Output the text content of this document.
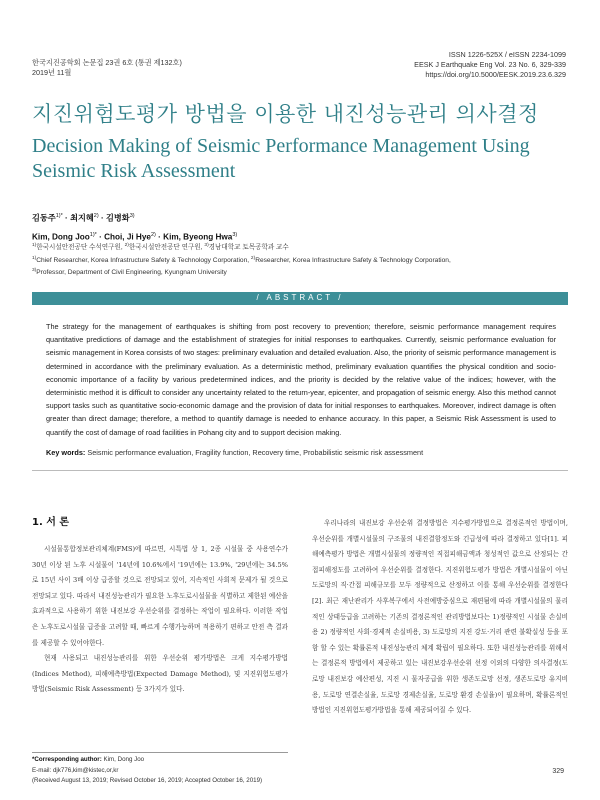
한국지진공학회 논문집 23권 6호 (통권 제132호)
2019년 11월
ISSN 1226-525X / eISSN 2234-1099
EESK J Earthquake Eng Vol. 23 No. 6, 329-339
https://doi.org/10.5000/EESK.2019.23.6.329
지진위험도평가 방법을 이용한 내진성능관리 의사결정
Decision Making of Seismic Performance Management Using Seismic Risk Assessment
김동주$^{1)*}$ · 최지혜$^{2)}$ · 김병화$^{3)}$
Kim, Dong Joo$^{1)*}$ · Choi, Ji Hye$^{2)}$ · Kim, Byeong Hwa$^{3)}$
$^{1)}$한국시설안전공단 수석연구원, $^{2)}$한국시설안전공단 연구원, $^{3)}$경남대학교 토목공학과 교수
$^{1)}$Chief Researcher, Korea Infrastructure Safety & Technology Corporation, $^{2)}$Researcher, Korea Infrastructure Safety & Technology Corporation,
$^{3)}$Professor, Department of Civil Engineering, Kyungnam University
/ ABSTRACT /
The strategy for the management of earthquakes is shifting from post recovery to prevention; therefore, seismic performance management requires quantitative predictions of damage and the establishment of strategies for initial responses to earthquakes. Currently, seismic performance evaluation for seismic management in Korea consists of two stages: preliminary evaluation and detailed evaluation. Also, the priority of seismic performance management is determined in accordance with the preliminary evaluation. As a deterministic method, preliminary evaluation quantifies the physical condition and socio-economic importance of a facility by various predetermined indices, and the priority is decided by the relative value of the indices; however, with the deterministic method it is difficult to consider any uncertainty related to the return-year, epicenter, and propagation of seismic energy. Also this method cannot support tasks such as quantitative socio-economic damage and the provision of data for initial responses to earthquakes. Moreover, indirect damage is often greater than direct damage; therefore, a method to quantify damage is needed to enhance accuracy. In this paper, a Seismic Risk Assessment is used to quantify the cost of damage of road facilities in Pohang city and to support decision making.
Key words: Seismic performance evaluation, Fragility function, Recovery time, Probabilistic seismic risk assessment
1. 서 론

시설물통합정보관리체계(FMS)에 따르면, 시특법 상 1, 2종 시설물 중 사용연수가 30년 이상 된 노후 시설물이 '14년에 10.6%에서 '19년에는 13.9%, '29년에는 34.5%로 15년 사이 3배 이상 급증할 것으로 전망되고 있어, 지속적인 사회적 문제가 될 것으로 전망되고 있다. 따라서 내진성능관리가 필요한 노후도로시설물을 식별하고 제한된 예산을 효과적으로 사용하기 위한 내진보강 우선순위를 결정하는 작업이 필요하다. 이러한 작업은 노후도로시설물 급증을 고려할 때, 빠르게 수행가능하며 적용하기 편하고 안전 측 결과를 제공할 수 있어야한다.

현재 사용되고 내진성능관리를 위한 우선순위 평가방법은 크게 지수평가방법(Indices Method), 피해예측방법(Expected Damage Method), 및 지진위험도평가방법(Seismic Risk Assessment) 등 3가지가 있다.

우리나라의 내진보강 우선순위 결정방법은 지수평가방법으로 결정론적인 방법이며, 우선순위를 개별시설물의 구조물의 내진결함정도와 긴급성에 따라 결정하고 있다[1]. 피해예측평가 방법은 개별시설물의 정량적인 직접피해금액과 청성적인 값으로 산정되는 간접피해정도를 고려하여 우선순위를 결정한다. 지진위험도평가 방법은 개별시설물이 아닌 도로망의 직·간접 피해규모를 모두 정량적으로 산정하고 이를 통해 우선순위를 결정한다[2]. 최근 재난관리가 사후복구에서 사전예방중심으로 재편됨에 따라 개별시설물의 물리적인 상태등급을 고려하는 기존의 결정론적인 관리방법보다는 1)정량적인 시설물 손실비용 2) 정량적인 사회·경제적 손실비용, 3) 도로망의 지진 강도·거리 관련 불확실성 등을 포함 할 수 있는 확률론적 내진성능관리 체계 확립이 필요하다. 또한 내진성능관리를 위해서는 결정론적 방법에서 제공하고 있는 내진보강우선순위 선정 이외의 다양한 의사결정(도로망 내진보강 예산편성, 지진 시 물자공급을 위한 생존도로망 선정, 생존도로망 유지비용, 도로망 연결손실율, 도로망 경제손실율, 도로망 환경 손실율)이 필요하며, 확률론적인 방법인 지진위험도평가방법을 통해 제공되어질 수 있다.

*Corresponding author: Kim, Dong Joo
E-mail: djk776,kim@kistec,or,kr
(Received August 13, 2019; Revised October 16, 2019; Accepted October 16, 2019)
329
